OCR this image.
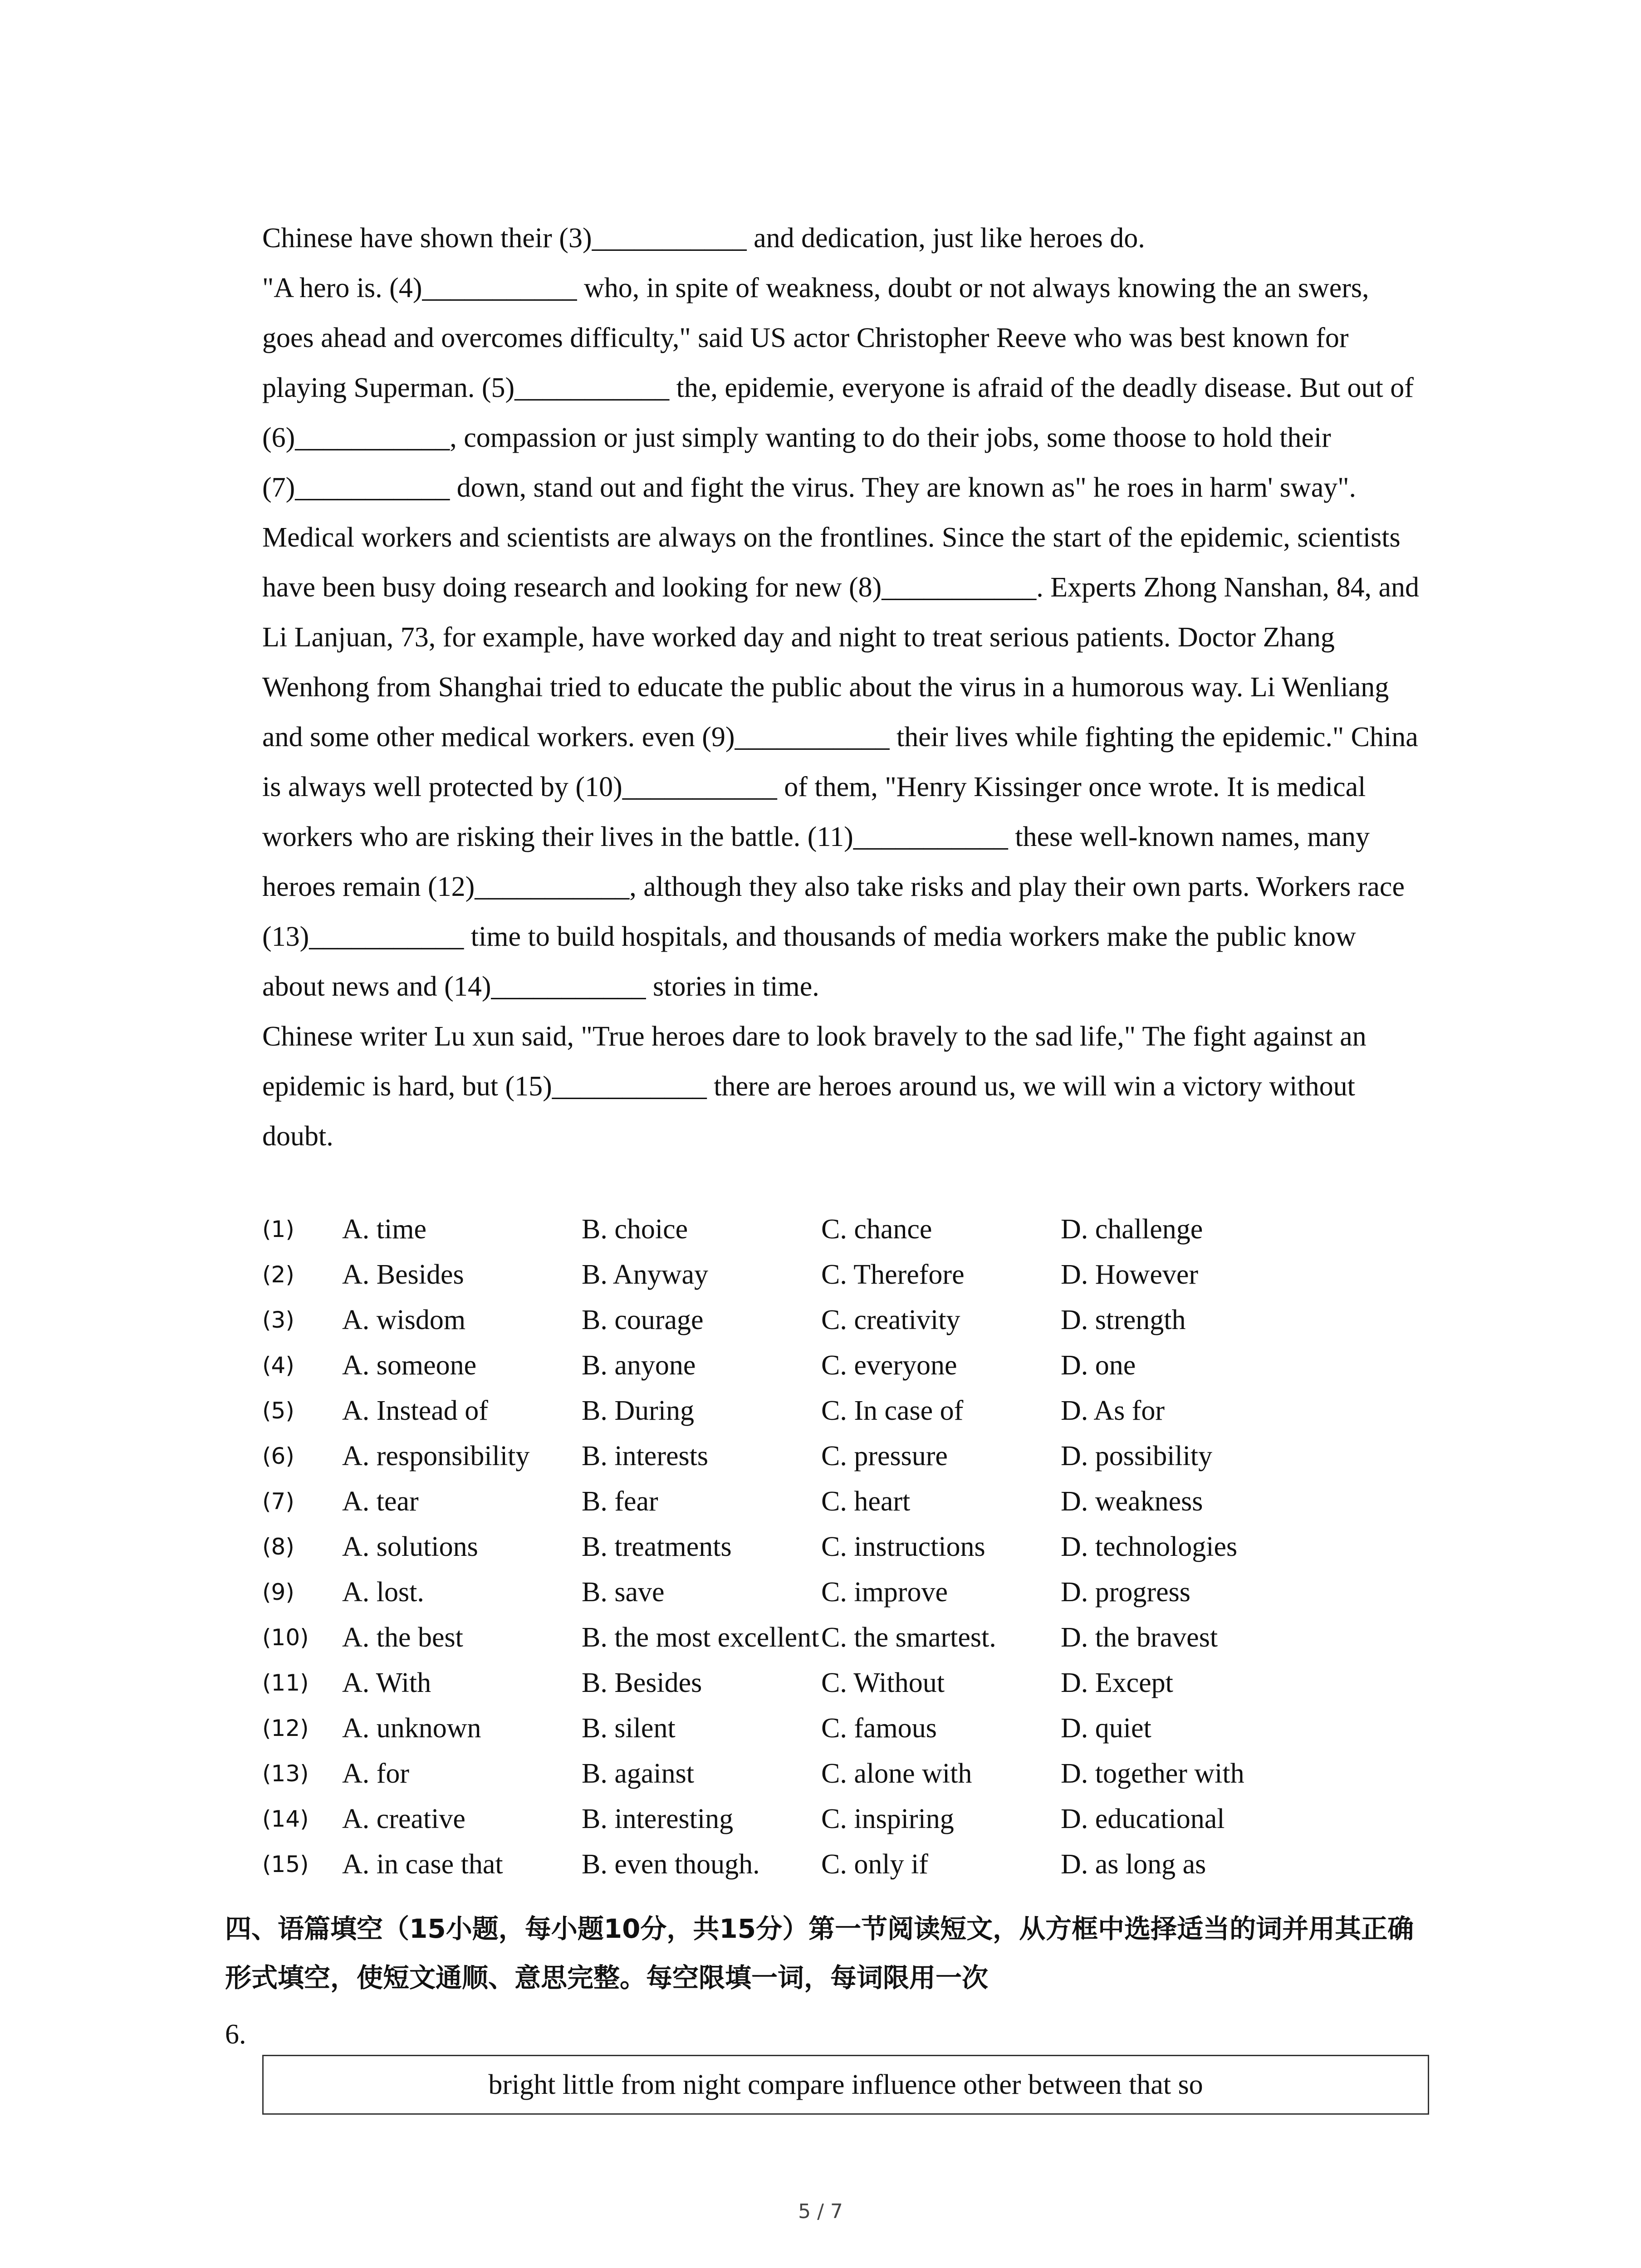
Chinese have shown their (3)___________ and dedication, just like heroes do.

"A hero is. (4)___________ who, in spite of weakness, doubt or not always knowing the an swers, goes ahead and overcomes difficulty," said US actor Christopher Reeve who was best known for playing Superman. (5)___________ the, epidemie, everyone is afraid of the deadly disease. But out of (6)___________, compassion or just simply wanting to do their jobs, some thoose to hold their (7)___________ down, stand out and fight the virus. They are known as" he roes in harm' sway".

Medical workers and scientists are always on the frontlines. Since the start of the epidemic, scientists have been busy doing research and looking for new (8)___________. Experts Zhong Nanshan, 84, and Li Lanjuan, 73, for example, have worked day and night to treat serious patients. Doctor Zhang Wenhong from Shanghai tried to educate the public about the virus in a humorous way. Li Wenliang and some other medical workers. even (9)___________ their lives while fighting the epidemic." China is always well protected by (10)___________ of them, "Henry Kissinger once wrote. It is medical workers who are risking their lives in the battle. (11)___________ these well-known names, many heroes remain (12)___________, although they also take risks and play their own parts. Workers race (13)___________ time to build hospitals, and thousands of media workers make the public know about news and (14)___________ stories in time.

Chinese writer Lu xun said, "True heroes dare to look bravely to the sad life," The fight against an epidemic is hard, but (15)___________ there are heroes around us, we will win a victory without doubt.

(1) A. time	B. choice	C. chance	D. challenge
(2) A. Besides	B. Anyway	C. Therefore	D. However
(3) A. wisdom	B. courage	C. creativity	D. strength
(4) A. someone	B. anyone	C. everyone	D. one
(5) A. Instead of	B. During	C. In case of	D. As for
(6) A. responsibility B. interests	C. pressure	D. possibility
(7) A. tear	B. fear	C. heart	D. weakness
(8) A. solutions	B. treatments	C. instructions	D. technologies
(9) A. lost.	B. save	C. improve	D. progress
(10) A. the best	B. the most excellent C. the smartest. D. the bravest
(11) A. With	B. Besides	C. Without	D. Except
(12) A. unknown	B. silent	C. famous	D. quiet
(13) A. for	B. against	C. alone with	D. together with
(14) A. creative	B. interesting	C. inspiring	D. educational
(15) A. in case that	B. even though. C. only if	D. as long as
四、语篇填空（15小题，每小题10分，共15分）第一节阅读短文，从方框中选择适当的词并用其正确形式填空，使短文通顺、意思完整。每空限填一词，每词限用一次
6.
bright little from night compare influence other between that so
5 / 7
